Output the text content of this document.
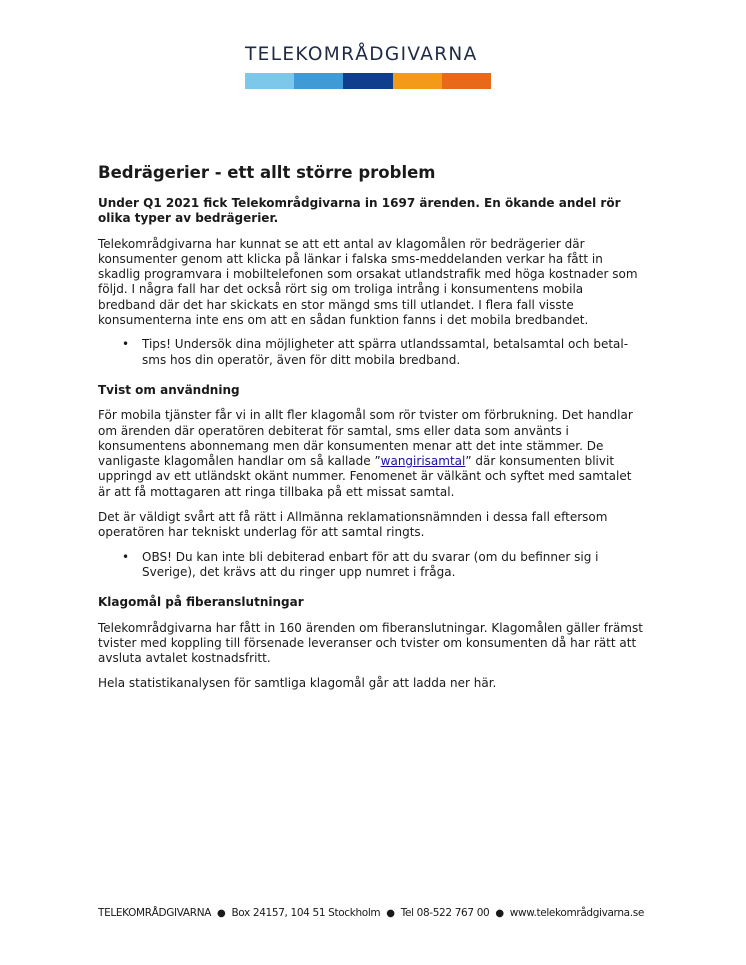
TELEKOMRÅDGIVARNA
Bedrägerier - ett allt större problem

Under Q1 2021 fick Telekområdgivarna in 1697 ärenden. En ökande andel rör olika typer av bedrägerier.

Telekområdgivarna har kunnat se att ett antal av klagomålen rör bedrägerier där konsumenter genom att klicka på länkar i falska sms-meddelanden verkar ha fått in skadlig programvara i mobiltelefonen som orsakat utlandstrafik med höga kostnader som följd. I några fall har det också rört sig om troliga intrång i konsumentens mobila bredband där det har skickats en stor mängd sms till utlandet. I flera fall visste konsumenterna inte ens om att en sådan funktion fanns i det mobila bredbandet.

• Tips! Undersök dina möjligheter att spärra utlandssamtal, betalsamtal och betal-sms hos din operatör, även för ditt mobila bredband.

Tvist om användning

För mobila tjänster får vi in allt fler klagomål som rör tvister om förbrukning. Det handlar om ärenden där operatören debiterat för samtal, sms eller data som använts i konsumentens abonnemang men där konsumenten menar att det inte stämmer. De vanligaste klagomålen handlar om så kallade ”wangirisamtal” där konsumenten blivit uppringd av ett utländskt okänt nummer. Fenomenet är välkänt och syftet med samtalet är att få mottagaren att ringa tillbaka på ett missat samtal.

Det är väldigt svårt att få rätt i Allmänna reklamationsnämnden i dessa fall eftersom operatören har tekniskt underlag för att samtal ringts.

• OBS! Du kan inte bli debiterad enbart för att du svarar (om du befinner sig i Sverige), det krävs att du ringer upp numret i fråga.

Klagomål på fiberanslutningar

Telekområdgivarna har fått in 160 ärenden om fiberanslutningar. Klagomålen gäller främst tvister med koppling till försenade leveranser och tvister om konsumenten då har rätt att avsluta avtalet kostnadsfritt.

Hela statistikanalysen för samtliga klagomål går att ladda ner här.

TELEKOMRÅDGIVARNA ● Box 24157, 104 51 Stockholm ● Tel 08-522 767 00 ● www.telekområdgivarna.se
